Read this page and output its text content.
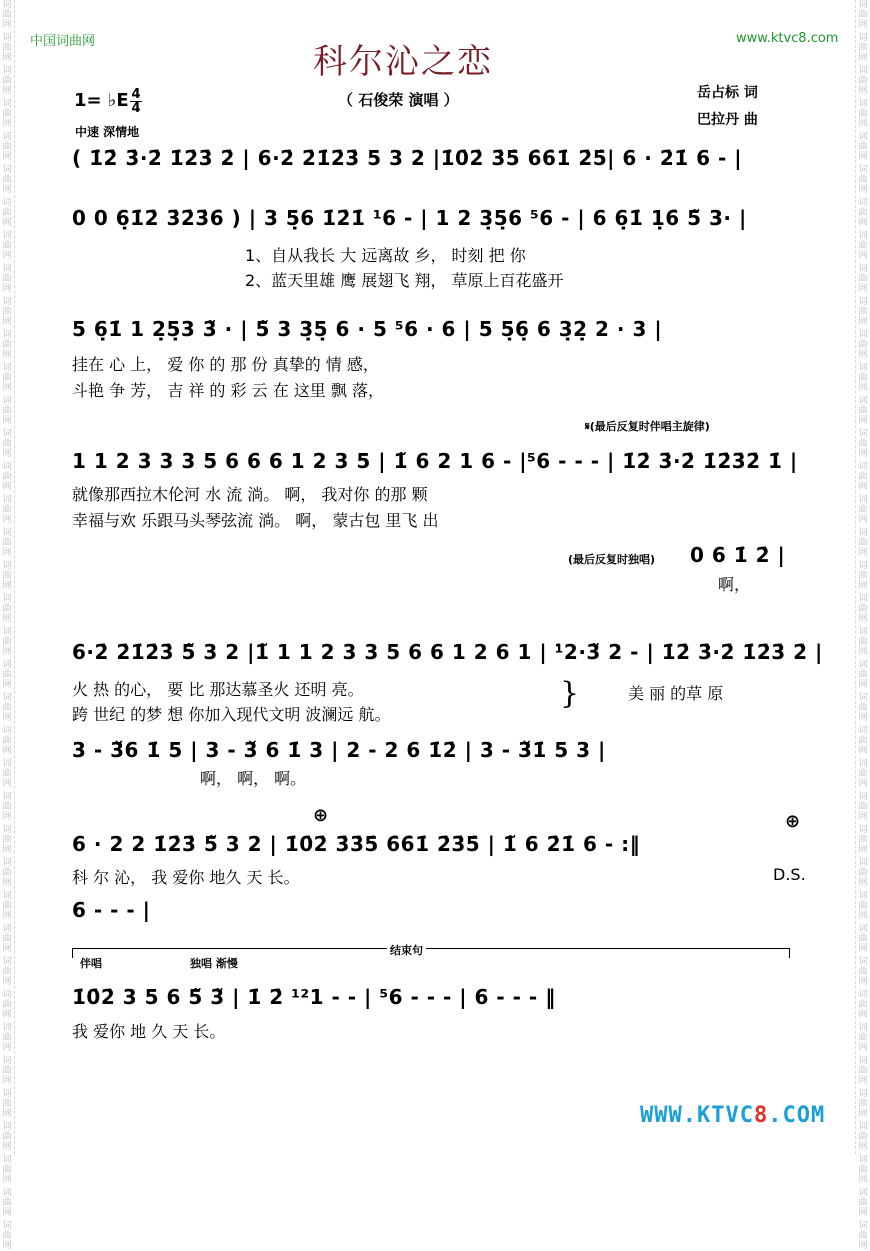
词
曲
网
词
曲
网
词
曲
网
词
曲
网
词
曲
网
词
曲
网
词
曲
网
词
曲
网
词
曲
网
词
曲
网
词
曲
网
词
曲
网
词
曲
网
词
曲
网
词
曲
网
词
曲
网
词
曲
网
词
曲
网
词
曲
网
词
曲
网
词
曲
网
词
曲
网
词
曲
网
词
曲
网
词
曲
网
词
曲
网
词
曲
网
词
曲
网
词
曲
网
词
曲
网
词
曲
网
词
曲
网
词
曲
网
词
曲
网
词
曲
网
词
曲
网
词
曲
网
词
曲
网
词
曲
网
词
曲
网
词
曲
网
词
曲
网
词
曲
网
词
曲
网
词
曲
网
词
曲
网
词
曲
网
词
曲
网
词
曲
网
词
曲
网
词
曲
网
词
曲
网
词
曲
网
词
曲
网
词
曲
网
词
曲
网
词
曲
网
词
曲
网
词
曲
网
词
曲
网
词
曲
网
词
曲
网
词
曲
网
词
曲
网
词
曲
网
词
曲
网
词
曲
网
词
曲
网
词
曲
网
词
曲
网
词
曲
网
词
曲
网
词
曲
网
词
曲
网
词
曲
网
词
曲
网
中国词曲网	www.ktvc8.com
科尔沁之恋
（ 石俊荣 演唱 ）
1= ♭E 4
4
中速 深情地
岳占标 词
巴拉丹 曲
( 1̇2̇ 3̇·2̇ 1̇2̇3̇ 2̇ | 6·2̇ 2̇1̇2̇3̇ 5 3 2 |1̇0̇2̇ 3̇5̇ 6̇6̇1̇ 2̇5̇| 6 · 2̇1̇ 6 - |
0 0 6̣1̇2̇ 3̇2̇3̇6̇ ) | 3 5̣6 1̇2̇1̇ ¹6 - | 1 2 3̣5̣6 ⁵6 - | 6 6̣1̇ 1̣6̇ 5̃ 3· |
1、自从我长 大 远离故 乡， 时刻 把 你
2、蓝天里雄 鹰 展翅飞 翔， 草原上百花盛开
5 6̣1̇ 1 2̣5̣3 3̃ · | 5̃ 3 3̣5̣ 6 · 5 ⁵6 · 6 | 5 5̣6̣ 6 3̣2̣ 2 · 3 |
挂在 心 上， 爱 你 的 那 份 真挚的 情 感，
斗艳 争 芳， 吉 祥 的 彩 云 在 这里 飘 落，
𝄋(最后反复时伴唱主旋律)
1 1 2 3 3 3 5 6 6 6 1 2 3 5 | 1̃ 6 2 1 6 - |⁵6 - - - | 1̇2̇ 3̇·2̇ 1̇2̇3̇2̇ 1̇ |
就像那西拉木伦河 水 流 淌。 啊， 我对你 的那 颗
幸福与欢 乐跟马头琴弦流 淌。 啊， 蒙古包 里飞 出
(最后反复时独唱) 0 6 1̇ 2̇ |
啊，
6·2̇ 2̇1̇2̇3̇ 5̃ 3 2 |1̃ 1 1 2 3 3 5 6 6 1 2 6 1 | ¹̇2·3̃ 2 - | 1̇2̇ 3̇·2̇ 1̇2̇3̇ 2̇ |
火 热 的心， 要 比 那达慕圣火 还明 亮。
跨 世纪 的梦 想 你加入现代文明 波澜远 航。
}	美 丽 的草 原
3 - 3̌6 1̇ 5 | 3 - 3̌ 6 1̇ 3 | 2 - 2 6 1̇2̇ | 3 - 3̌1̇ 5 3 |
啊， 啊， 啊。
⊕	⊕
6 · 2 2 1̇2̇3̇ 5̃ 3 2 | 1̇0̇2̇ 3̇3̇5̇ 6̇6̇1̇ 2̇3̇5̇ | 1̃ 6 2̇1̇ 6 - :‖
科 尔 沁， 我 爱你 地久 天 长。	D.S.
6 - - - |
结束句
伴唱	独唱 渐慢
1̇0̇2̇ 3 5 6 5̃ 3̃ | 1̇ 2̇ ¹²1 - - | ⁵6 - - - | 6 - - - ‖
我 爱你 地 久 天 长。
WWW.KTVC8.COM
